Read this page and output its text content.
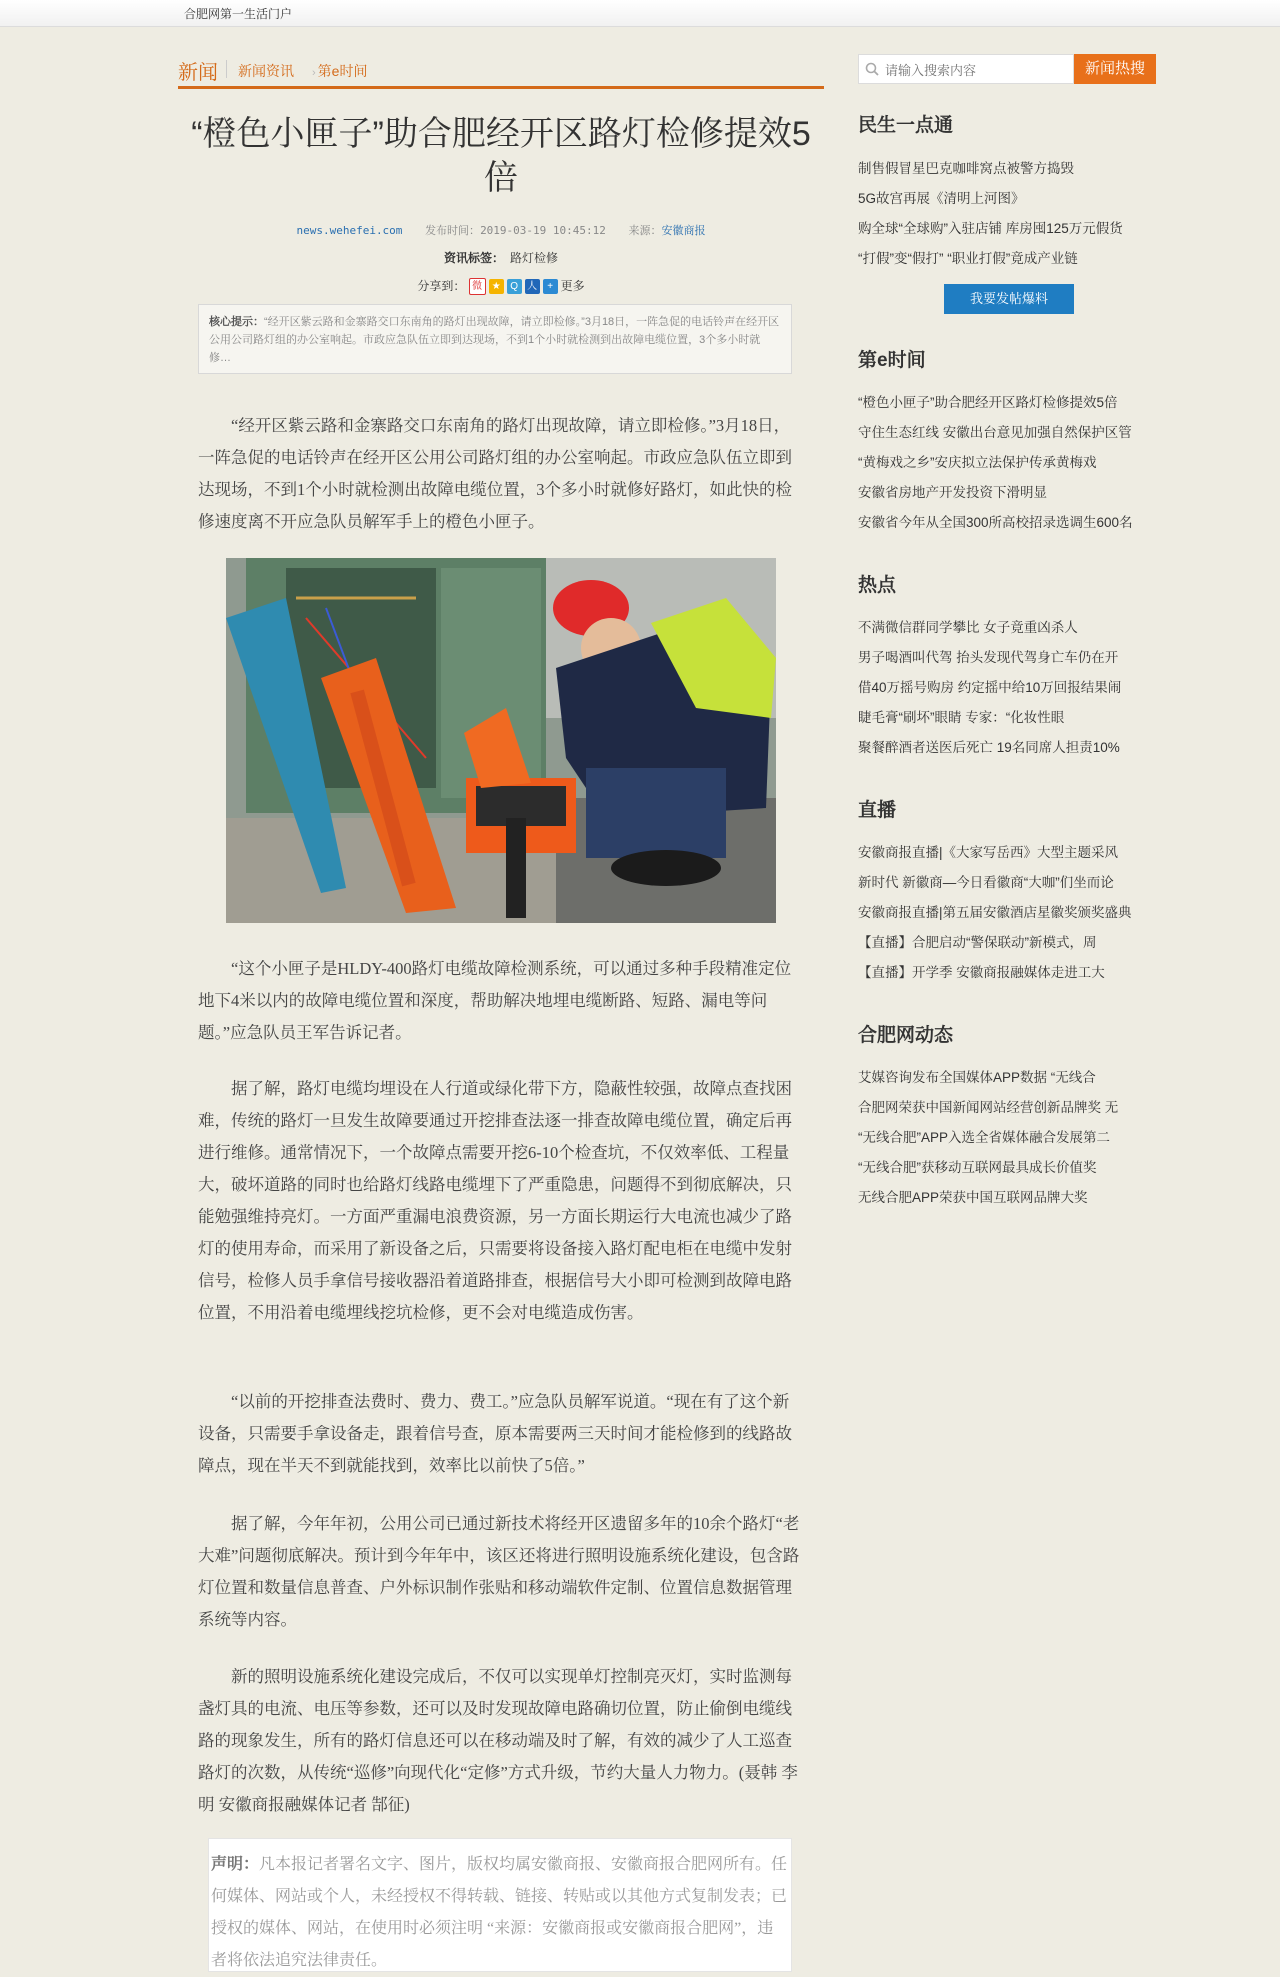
合肥网第一生活门户
新闻 新闻资讯 › 第e时间
“橙色小匣子”助合肥经开区路灯检修提效5倍
news.wehefei.com 发布时间：2019-03-19 10:45:12 来源：安徽商报
资讯标签： 路灯检修
分享到： 微 ★ Q 人 + 更多
核心提示：“经开区紫云路和金寨路交口东南角的路灯出现故障，请立即检修。”3月18日，一阵急促的电话铃声在经开区公用公司路灯组的办公室响起。市政应急队伍立即到达现场，不到1个小时就检测到出故障电缆位置，3个多小时就修…
“经开区紫云路和金寨路交口东南角的路灯出现故障，请立即检修。”3月18日，一阵急促的电话铃声在经开区公用公司路灯组的办公室响起。市政应急队伍立即到达现场，不到1个小时就检测出故障电缆位置，3个多小时就修好路灯，如此快的检修速度离不开应急队员解军手上的橙色小匣子。
“这个小匣子是HLDY-400路灯电缆故障检测系统，可以通过多种手段精准定位地下4米以内的故障电缆位置和深度，帮助解决地埋电缆断路、短路、漏电等问题。”应急队员王军告诉记者。
据了解，路灯电缆均埋设在人行道或绿化带下方，隐蔽性较强，故障点查找困难，传统的路灯一旦发生故障要通过开挖排查法逐一排查故障电缆位置，确定后再进行维修。通常情况下，一个故障点需要开挖6-10个检查坑，不仅效率低、工程量大，破坏道路的同时也给路灯线路电缆埋下了严重隐患，问题得不到彻底解决，只能勉强维持亮灯。一方面严重漏电浪费资源，另一方面长期运行大电流也减少了路灯的使用寿命，而采用了新设备之后，只需要将设备接入路灯配电柜在电缆中发射信号，检修人员手拿信号接收器沿着道路排查，根据信号大小即可检测到故障电路位置，不用沿着电缆埋线挖坑检修，更不会对电缆造成伤害。
“以前的开挖排查法费时、费力、费工。”应急队员解军说道。“现在有了这个新设备，只需要手拿设备走，跟着信号查，原本需要两三天时间才能检修到的线路故障点，现在半天不到就能找到，效率比以前快了5倍。”
据了解，今年年初，公用公司已通过新技术将经开区遗留多年的10余个路灯“老大难”问题彻底解决。预计到今年年中，该区还将进行照明设施系统化建设，包含路灯位置和数量信息普查、户外标识制作张贴和移动端软件定制、位置信息数据管理系统等内容。
新的照明设施系统化建设完成后，不仅可以实现单灯控制亮灭灯，实时监测每盏灯具的电流、电压等参数，还可以及时发现故障电路确切位置，防止偷倒电缆线路的现象发生，所有的路灯信息还可以在移动端及时了解，有效的减少了人工巡查路灯的次数，从传统“巡修”向现代化“定修”方式升级，节约大量人力物力。(聂韩 李明 安徽商报融媒体记者 郜征)
声明：凡本报记者署名文字、图片，版权均属安徽商报、安徽商报合肥网所有。任何媒体、网站或个人，未经授权不得转载、链接、转贴或以其他方式复制发表；已授权的媒体、网站，在使用时必须注明 “来源：安徽商报或安徽商报合肥网”，违者将依法追究法律责任。
请输入搜索内容
新闻热搜
民生一点通
制售假冒星巴克咖啡窝点被警方捣毁
5G故宫再展《清明上河图》
购全球“全球购”入驻店铺 库房囤125万元假货
“打假”变“假打” “职业打假”竟成产业链
我要发帖爆料
第e时间
“橙色小匣子”助合肥经开区路灯检修提效5倍
守住生态红线 安徽出台意见加强自然保护区管
“黄梅戏之乡”安庆拟立法保护传承黄梅戏
安徽省房地产开发投资下滑明显
安徽省今年从全国300所高校招录选调生600名
热点
不满微信群同学攀比 女子竟重凶杀人
男子喝酒叫代驾 抬头发现代驾身亡车仍在开
借40万摇号购房 约定摇中给10万回报结果闹
睫毛膏“刷坏”眼睛 专家：“化妆性眼
聚餐醉酒者送医后死亡 19名同席人担责10%
直播
安徽商报直播|《大家写岳西》大型主题采风
新时代 新徽商—今日看徽商“大咖”们坐而论
安徽商报直播|第五届安徽酒店星徽奖颁奖盛典
【直播】合肥启动“警保联动”新模式，周
【直播】开学季 安徽商报融媒体走进工大
合肥网动态
艾媒咨询发布全国媒体APP数据 “无线合
合肥网荣获中国新闻网站经营创新品牌奖 无
“无线合肥”APP入选全省媒体融合发展第二
“无线合肥”获移动互联网最具成长价值奖
无线合肥APP荣获中国互联网品牌大奖
